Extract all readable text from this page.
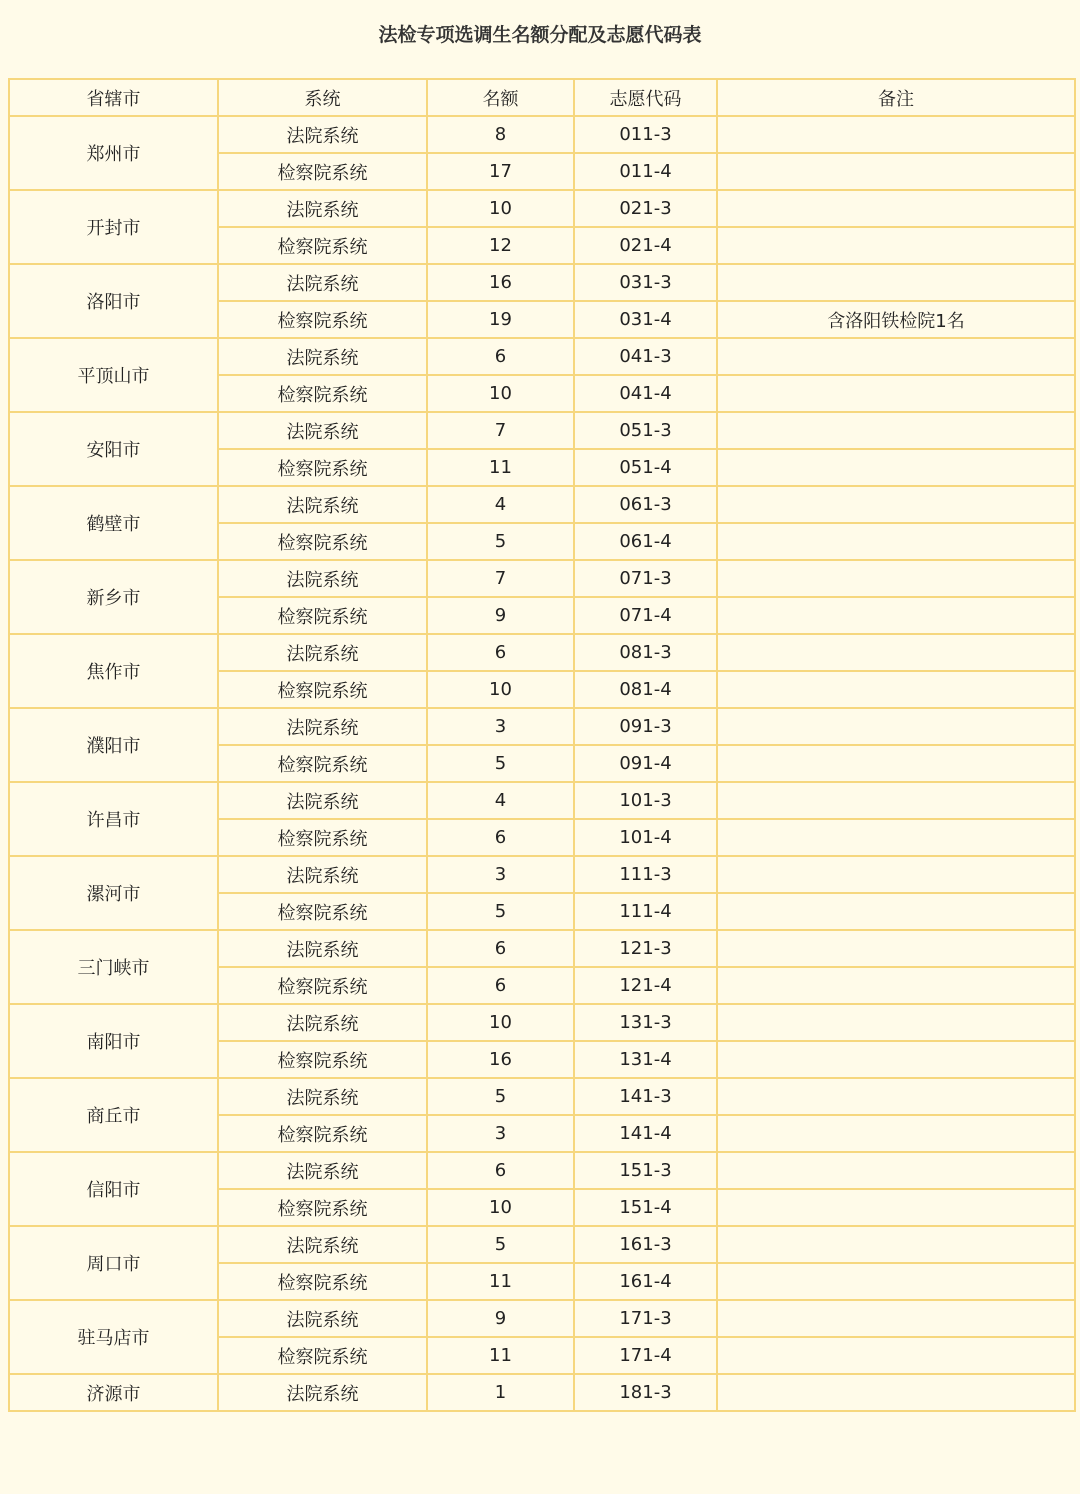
法检专项选调生名额分配及志愿代码表
省辖市	系统	名额	志愿代码	备注
郑州市	法院系统	8	011-3	
	检察院系统	17	011-4	
开封市	法院系统	10	021-3	
	检察院系统	12	021-4	
洛阳市	法院系统	16	031-3	
	检察院系统	19	031-4	含洛阳铁检院1名
平顶山市	法院系统	6	041-3	
	检察院系统	10	041-4	
安阳市	法院系统	7	051-3	
	检察院系统	11	051-4	
鹤壁市	法院系统	4	061-3	
	检察院系统	5	061-4	
新乡市	法院系统	7	071-3	
	检察院系统	9	071-4	
焦作市	法院系统	6	081-3	
	检察院系统	10	081-4	
濮阳市	法院系统	3	091-3	
	检察院系统	5	091-4	
许昌市	法院系统	4	101-3	
	检察院系统	6	101-4	
漯河市	法院系统	3	111-3	
	检察院系统	5	111-4	
三门峡市	法院系统	6	121-3	
	检察院系统	6	121-4	
南阳市	法院系统	10	131-3	
	检察院系统	16	131-4	
商丘市	法院系统	5	141-3	
	检察院系统	3	141-4	
信阳市	法院系统	6	151-3	
	检察院系统	10	151-4	
周口市	法院系统	5	161-3	
	检察院系统	11	161-4	
驻马店市	法院系统	9	171-3	
	检察院系统	11	171-4	
济源市	法院系统	1	181-3	
